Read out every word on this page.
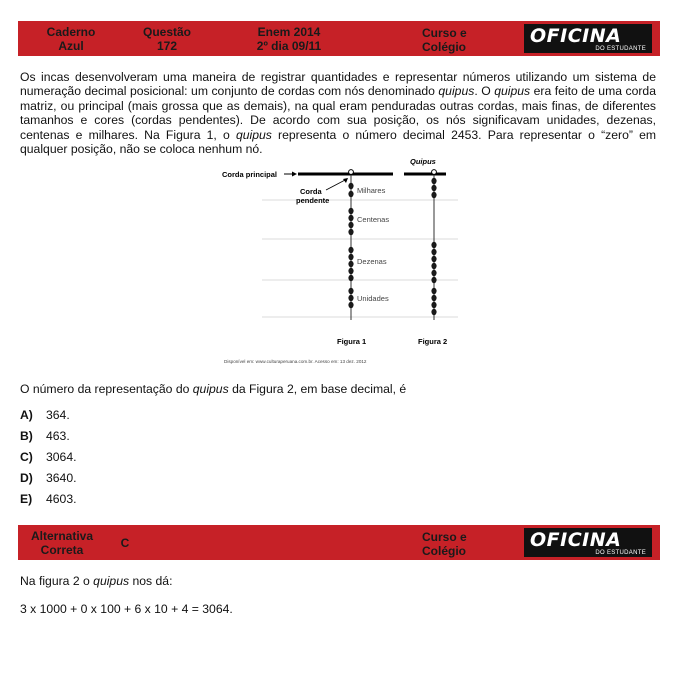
Caderno
Azul
Questão
172
Enem 2014
2º dia 09/11
Curso e
Colégio	OFICINA
DO ESTUDANTE
Os incas desenvolveram uma maneira de registrar quantidades e representar números utilizando um sistema de numeração decimal posicional: um conjunto de cordas com nós denominado quipus. O quipus era feito de uma corda matriz, ou principal (mais grossa que as demais), na qual eram penduradas outras cordas, mais finas, de diferentes tamanhos e cores (cordas pendentes). De acordo com sua posição, os nós significavam unidades, dezenas, centenas e milhares. Na Figura 1, o quipus representa o número decimal 2453. Para representar o “zero” em qualquer posição, não se coloca nenhum nó.
Quipus
Corda principal
Corda
pendente
Milhares
Centenas
Dezenas
Unidades
Figura 1	Figura 2
Disponível em: www.culturaperuana.com.br. Acesso em: 13 dez. 2012
O número da representação do quipus da Figura 2, em base decimal, é
A) 364.
B) 463.
C) 3064.
D) 3640.
E) 4603.
Alternativa
Correta	C	Curso e
Colégio	OFICINA
DO ESTUDANTE
Na figura 2 o quipus nos dá:
3 x 1000 + 0 x 100 + 6 x 10 + 4 = 3064.
